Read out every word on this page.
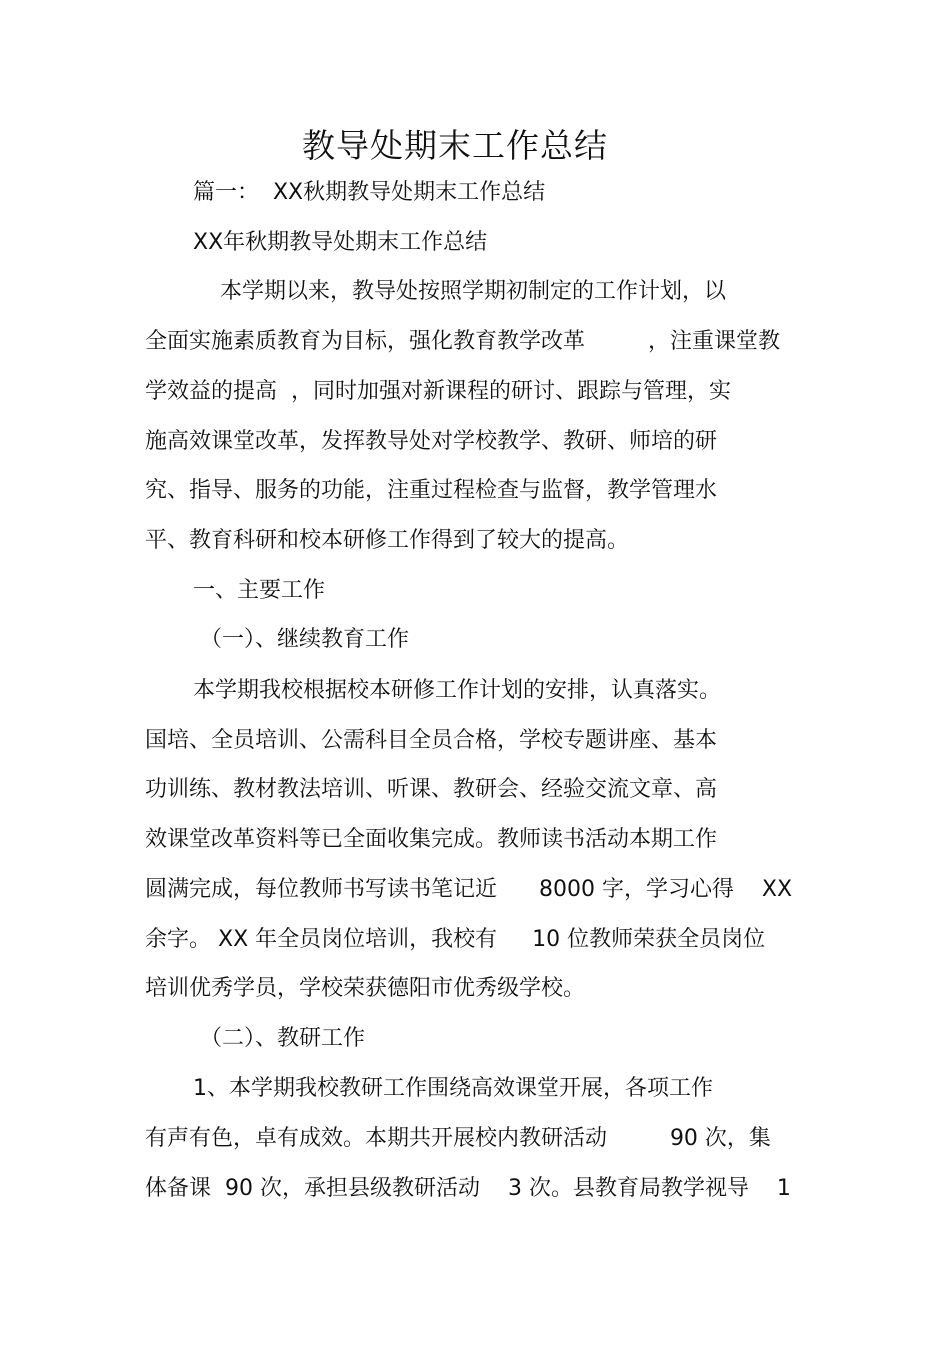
教导处期末工作总结
篇一：  XX秋期教导处期末工作总结
XX年秋期教导处期末工作总结
本学期以来，教导处按照学期初制定的工作计划，以
全面实施素质教育为目标，强化教育教学改革         ，注重课堂教
学效益的提高  ，同时加强对新课程的研讨、跟踪与管理，实
施高效课堂改革，发挥教导处对学校教学、教研、师培的研
究、指导、服务的功能，注重过程检查与监督，教学管理水
平、教育科研和校本研修工作得到了较大的提高。
一、主要工作
（一）、继续教育工作
本学期我校根据校本研修工作计划的安排，认真落实。
国培、全员培训、公需科目全员合格，学校专题讲座、基本
功训练、教材教法培训、听课、教研会、经验交流文章、高
效课堂改革资料等已全面收集完成。教师读书活动本期工作
圆满完成，每位教师书写读书笔记近      8000 字，学习心得    XX
余字。 XX 年全员岗位培训，我校有     10 位教师荣获全员岗位
培训优秀学员，学校荣获德阳市优秀级学校。
（二）、教研工作
1、本学期我校教研工作围绕高效课堂开展，各项工作
有声有色，卓有成效。本期共开展校内教研活动         90 次，集
体备课  90 次，承担县级教研活动    3 次。县教育局教学视导    1
